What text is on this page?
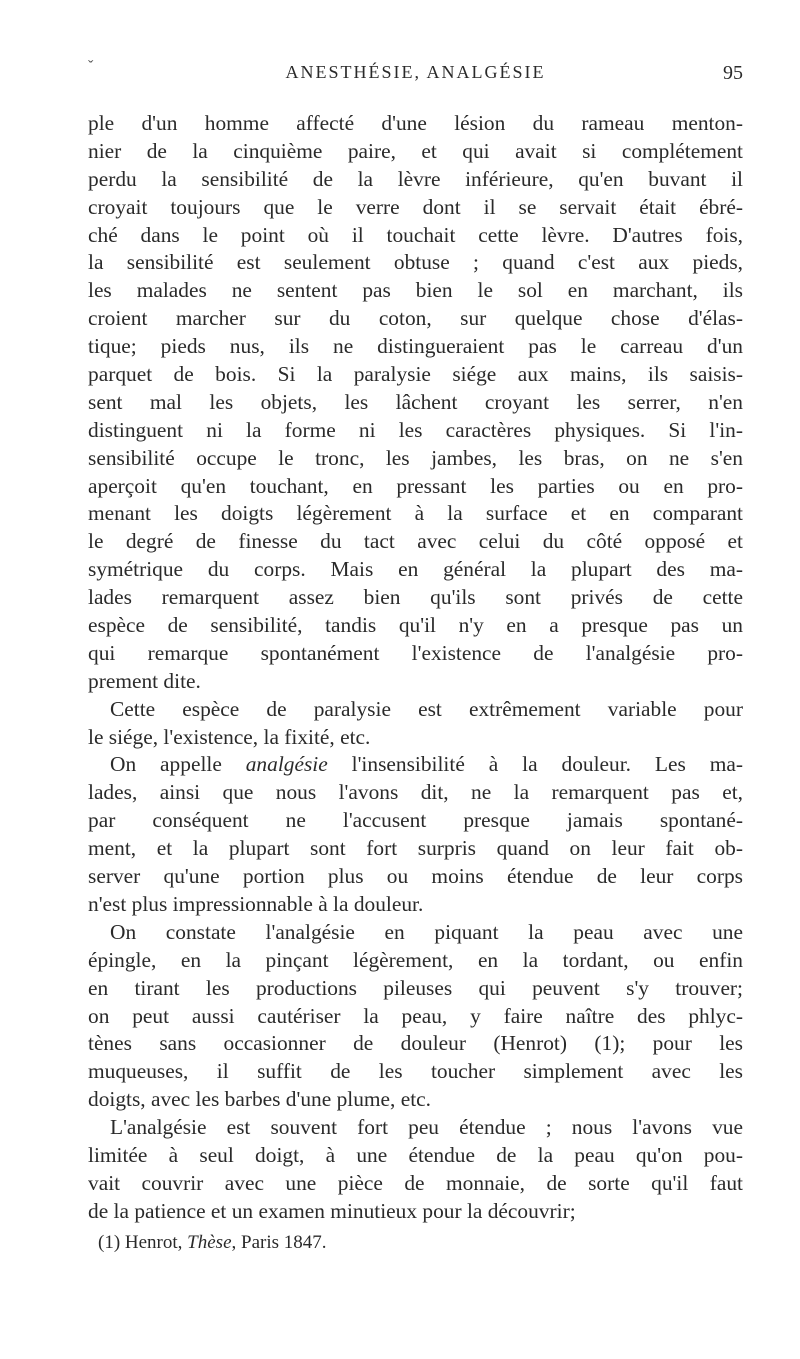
ˇ	ANESTHÉSIE, ANALGÉSIE	95
ple d'un homme affecté d'une lésion du rameau menton-
nier de la cinquième paire, et qui avait si complétement
perdu la sensibilité de la lèvre inférieure, qu'en buvant il
croyait toujours que le verre dont il se servait était ébré-
ché dans le point où il touchait cette lèvre. D'autres fois,
la sensibilité est seulement obtuse ; quand c'est aux pieds,
les malades ne sentent pas bien le sol en marchant, ils
croient marcher sur du coton, sur quelque chose d'élas-
tique; pieds nus, ils ne distingueraient pas le carreau d'un
parquet de bois. Si la paralysie siége aux mains, ils saisis-
sent mal les objets, les lâchent croyant les serrer, n'en
distinguent ni la forme ni les caractères physiques. Si l'in-
sensibilité occupe le tronc, les jambes, les bras, on ne s'en
aperçoit qu'en touchant, en pressant les parties ou en pro-
menant les doigts légèrement à la surface et en comparant
le degré de finesse du tact avec celui du côté opposé et
symétrique du corps. Mais en général la plupart des ma-
lades remarquent assez bien qu'ils sont privés de cette
espèce de sensibilité, tandis qu'il n'y en a presque pas un
qui remarque spontanément l'existence de l'analgésie pro-
prement dite.
Cette espèce de paralysie est extrêmement variable pour
le siége, l'existence, la fixité, etc.
On appelle analgésie l'insensibilité à la douleur. Les ma-
lades, ainsi que nous l'avons dit, ne la remarquent pas et,
par conséquent ne l'accusent presque jamais spontané-
ment, et la plupart sont fort surpris quand on leur fait ob-
server qu'une portion plus ou moins étendue de leur corps
n'est plus impressionnable à la douleur.
On constate l'analgésie en piquant la peau avec une
épingle, en la pinçant légèrement, en la tordant, ou enfin
en tirant les productions pileuses qui peuvent s'y trouver;
on peut aussi cautériser la peau, y faire naître des phlyc-
tènes sans occasionner de douleur (Henrot) (1); pour les
muqueuses, il suffit de les toucher simplement avec les
doigts, avec les barbes d'une plume, etc.
L'analgésie est souvent fort peu étendue ; nous l'avons vue
limitée à seul doigt, à une étendue de la peau qu'on pou-
vait couvrir avec une pièce de monnaie, de sorte qu'il faut
de la patience et un examen minutieux pour la découvrir;
(1) Henrot, Thèse, Paris 1847.
